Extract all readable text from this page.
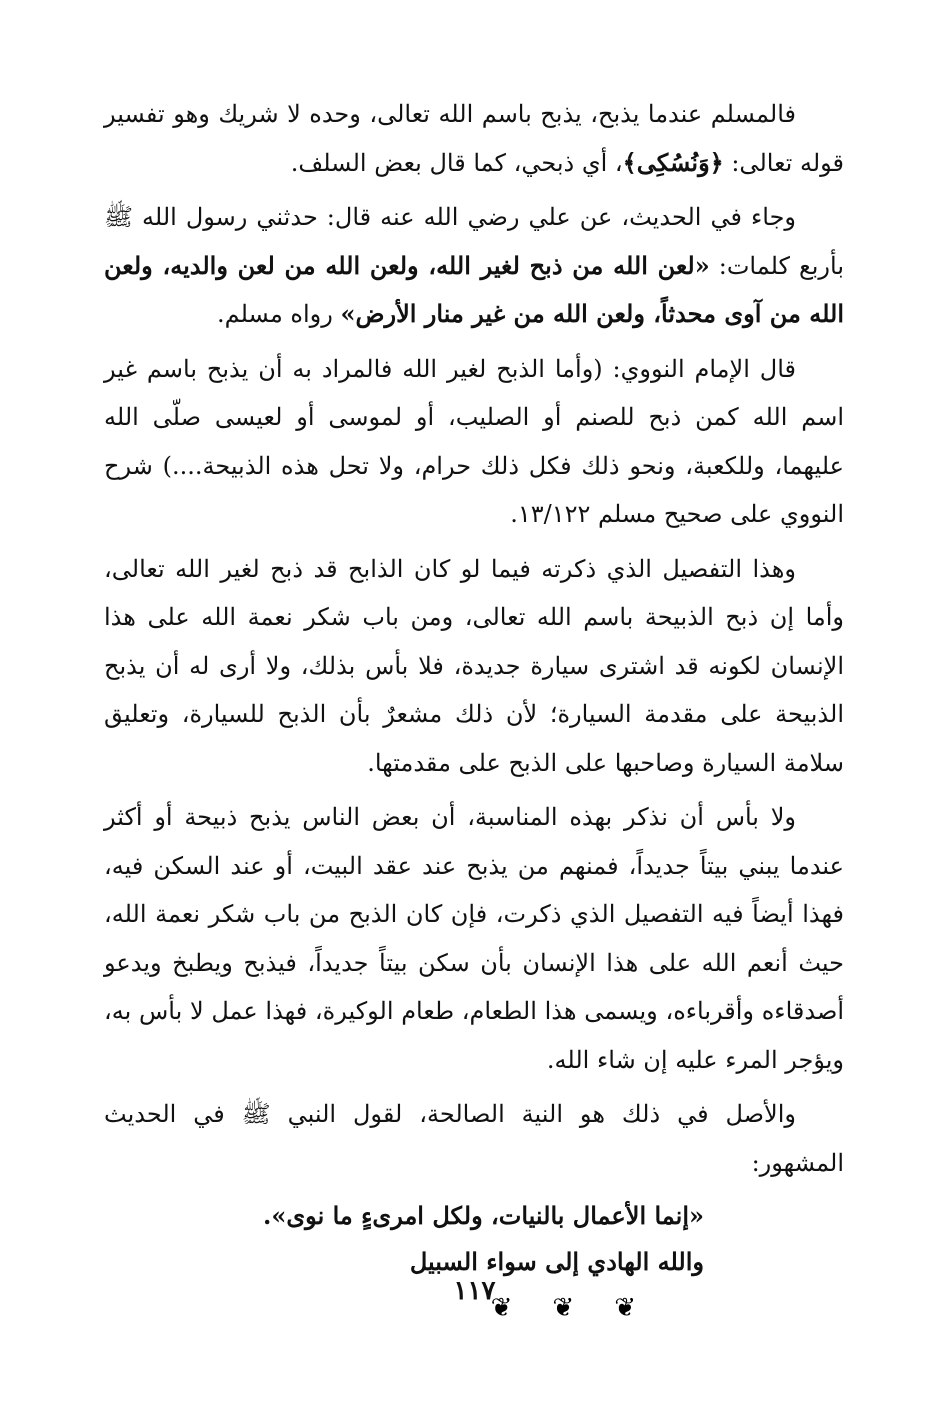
فالمسلم عندما يذبح، يذبح باسم الله تعالى، وحده لا شريك وهو تفسير قوله تعالى: ﴿وَنُسُكِى﴾، أي ذبحي، كما قال بعض السلف.

وجاء في الحديث، عن علي رضي الله عنه قال: حدثني رسول الله ﷺ بأربع كلمات: «لعن الله من ذبح لغير الله، ولعن الله من لعن والديه، ولعن الله من آوى محدثاً، ولعن الله من غير منار الأرض» رواه مسلم.

قال الإمام النووي: (وأما الذبح لغير الله فالمراد به أن يذبح باسم غير اسم الله كمن ذبح للصنم أو الصليب، أو لموسى أو لعيسى صلّى الله عليهما، وللكعبة، ونحو ذلك فكل ذلك حرام، ولا تحل هذه الذبيحة....) شرح النووي على صحيح مسلم ١٣/١٢٢.

وهذا التفصيل الذي ذكرته فيما لو كان الذابح قد ذبح لغير الله تعالى، وأما إن ذبح الذبيحة باسم الله تعالى، ومن باب شكر نعمة الله على هذا الإنسان لكونه قد اشترى سيارة جديدة، فلا بأس بذلك، ولا أرى له أن يذبح الذبيحة على مقدمة السيارة؛ لأن ذلك مشعرٌ بأن الذبح للسيارة، وتعليق سلامة السيارة وصاحبها على الذبح على مقدمتها.

ولا بأس أن نذكر بهذه المناسبة، أن بعض الناس يذبح ذبيحة أو أكثر عندما يبني بيتاً جديداً، فمنهم من يذبح عند عقد البيت، أو عند السكن فيه، فهذا أيضاً فيه التفصيل الذي ذكرت، فإن كان الذبح من باب شكر نعمة الله، حيث أنعم الله على هذا الإنسان بأن سكن بيتاً جديداً، فيذبح ويطبخ ويدعو أصدقاءه وأقرباءه، ويسمى هذا الطعام، طعام الوكيرة، فهذا عمل لا بأس به، ويؤجر المرء عليه إن شاء الله.

والأصل في ذلك هو النية الصالحة، لقول النبي ﷺ في الحديث المشهور:

«إنما الأعمال بالنيات، ولكل امرىءٍ ما نوى».

والله الهادي إلى سواء السبيل

❦❦❦
١١٧
